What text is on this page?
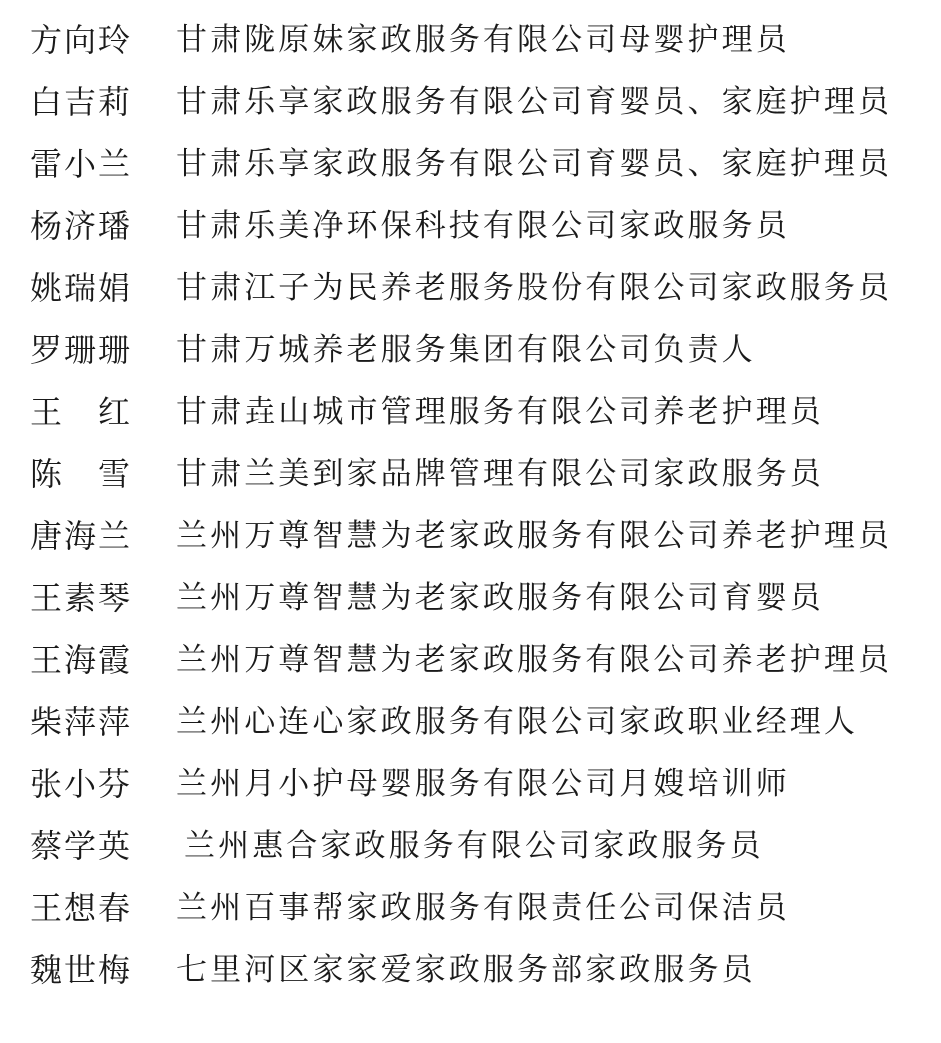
方向玲 甘肃陇原妹家政服务有限公司母婴护理员
白吉莉 甘肃乐享家政服务有限公司育婴员、家庭护理员
雷小兰 甘肃乐享家政服务有限公司育婴员、家庭护理员
杨济璠 甘肃乐美净环保科技有限公司家政服务员
姚瑞娟 甘肃江子为民养老服务股份有限公司家政服务员
罗珊珊 甘肃万城养老服务集团有限公司负责人
王　红 甘肃垚山城市管理服务有限公司养老护理员
陈　雪 甘肃兰美到家品牌管理有限公司家政服务员
唐海兰 兰州万尊智慧为老家政服务有限公司养老护理员
王素琴 兰州万尊智慧为老家政服务有限公司育婴员
王海霞 兰州万尊智慧为老家政服务有限公司养老护理员
柴萍萍 兰州心连心家政服务有限公司家政职业经理人
张小芬 兰州月小护母婴服务有限公司月嫂培训师
蔡学英 兰州惠合家政服务有限公司家政服务员
王想春 兰州百事帮家政服务有限责任公司保洁员
魏世梅 七里河区家家爱家政服务部家政服务员
